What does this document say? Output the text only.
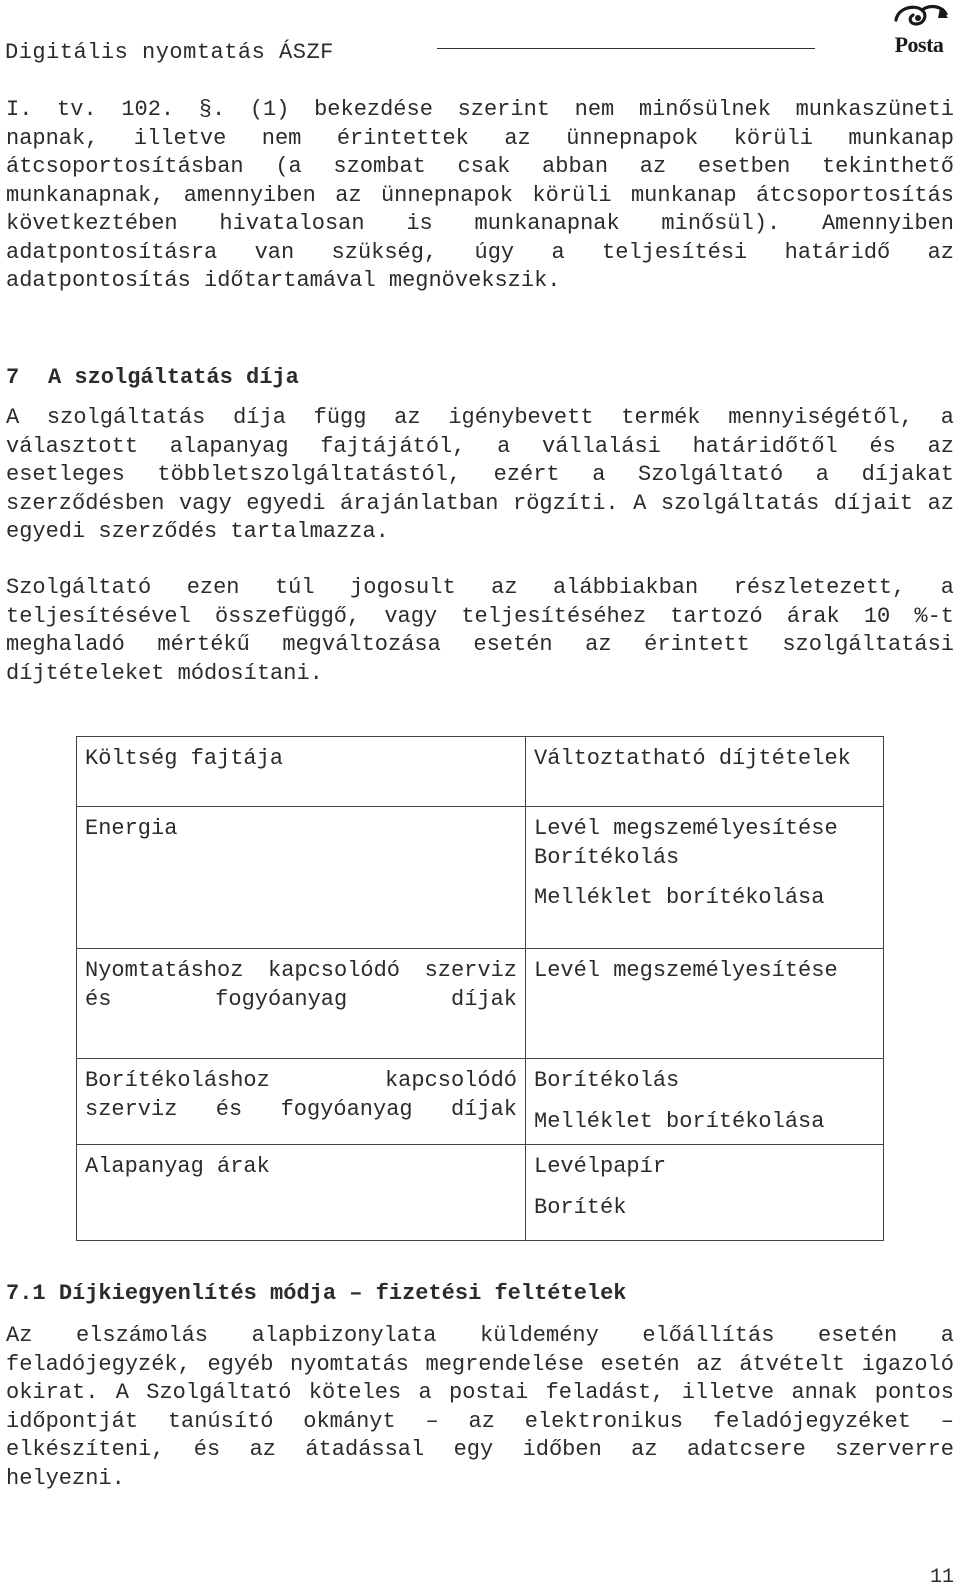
Digitális nyomtatás ÁSZF	Posta

I. tv. 102. §. (1) bekezdése szerint nem minősülnek munkaszüneti napnak, illetve nem érintettek az ünnepnapok körüli munkanap átcsoportosításban (a szombat csak abban az esetben tekinthető munkanapnak, amennyiben az ünnepnapok körüli munkanap átcsoportosítás következtében hivatalosan is munkanapnak minősül). Amennyiben adatpontosításra van szükség, úgy a teljesítési határidő az adatpontosítás időtartamával megnövekszik.

7 A szolgáltatás díja

A szolgáltatás díja függ az igénybevett termék mennyiségétől, a választott alapanyag fajtájától, a vállalási határidőtől és az esetleges többletszolgáltatástól, ezért a Szolgáltató a díjakat szerződésben vagy egyedi árajánlatban rögzíti. A szolgáltatás díjait az egyedi szerződés tartalmazza.

Szolgáltató ezen túl jogosult az alábbiakban részletezett, a teljesítésével összefüggő, vagy teljesítéséhez tartozó árak 10 %-t meghaladó mértékű megváltozása esetén az érintett szolgáltatási díjtételeket módosítani.

Költség fajtája	Változtatható díjtételek
Energia	Levél megszemélyesítése
Borítékolás
Melléklet borítékolása

Nyomtatáshoz kapcsolódó szerviz és fogyóanyag díjak	Levél megszemélyesítése

Borítékoláshoz kapcsolódó szerviz és fogyóanyag díjak	Borítékolás
Melléklet borítékolása

Alapanyag árak	Levélpapír
Boríték
7.1 Díjkiegyenlítés módja – fizetési feltételek

Az elszámolás alapbizonylata küldemény előállítás esetén a feladójegyzék, egyéb nyomtatás megrendelése esetén az átvételt igazoló okirat. A Szolgáltató köteles a postai feladást, illetve annak pontos időpontját tanúsító okmányt – az elektronikus feladójegyzéket – elkészíteni, és az átadással egy időben az adatcsere szerverre helyezni.

11
